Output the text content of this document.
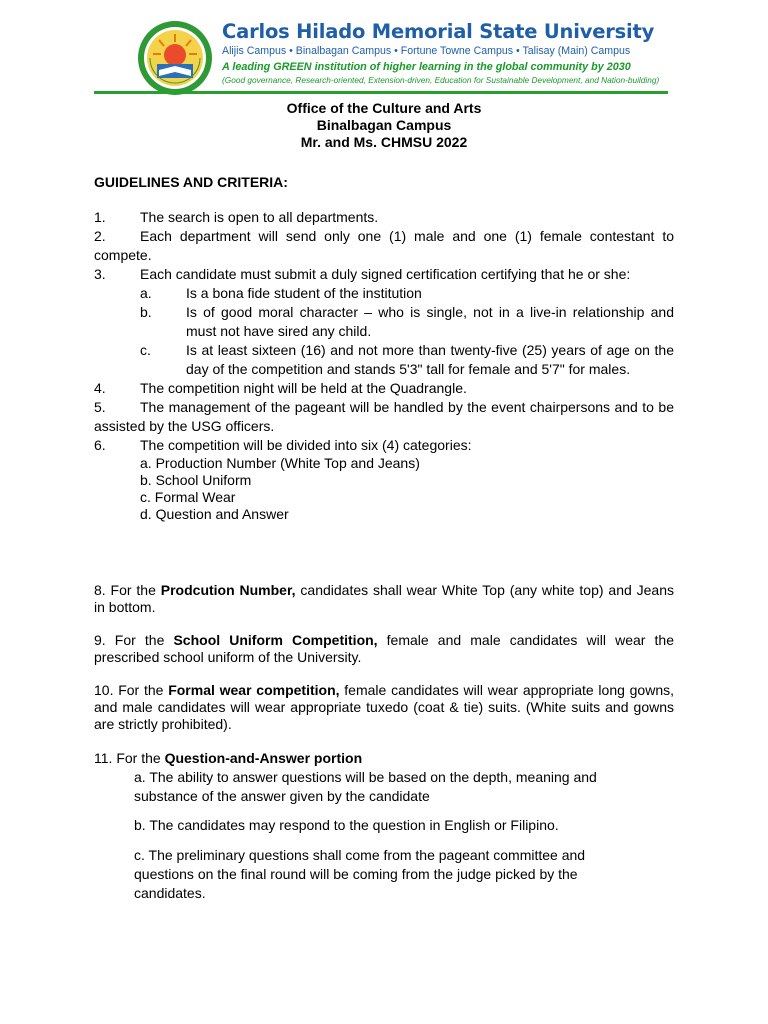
Carlos Hilado Memorial State University
Alijis Campus • Binalbagan Campus • Fortune Towne Campus • Talisay (Main) Campus
A leading GREEN institution of higher learning in the global community by 2030
(Good governance, Research-oriented, Extension-driven, Education for Sustainable Development, and Nation-building)
Office of the Culture and Arts
Binalbagan Campus
Mr. and Ms. CHMSU 2022
GUIDELINES AND CRITERIA:
1.	The search is open to all departments.
2. Each department will send only one (1) male and one (1) female contestant to compete.
3. Each candidate must submit a duly signed certification certifying that he or she:
a.	Is a bona fide student of the institution
b.	Is of good moral character – who is single, not in a live-in relationship and must not have sired any child.
c.	Is at least sixteen (16) and not more than twenty-five (25) years of age on the day of the competition and stands 5'3" tall for female and 5'7" for males.
4.	The competition night will be held at the Quadrangle.
5. The management of the pageant will be handled by the event chairpersons and to be assisted by the USG officers.
6.	The competition will be divided into six (4) categories:
a. Production Number (White Top and Jeans)
b. School Uniform
c. Formal Wear
d. Question and Answer
8. For the Prodcution Number, candidates shall wear White Top (any white top) and Jeans in bottom.
9. For the School Uniform Competition, female and male candidates will wear the prescribed school uniform of the University.
10. For the Formal wear competition, female candidates will wear appropriate long gowns, and male candidates will wear appropriate tuxedo (coat & tie) suits. (White suits and gowns are strictly prohibited).
11. For the Question-and-Answer portion
a. The ability to answer questions will be based on the depth, meaning and substance of the answer given by the candidate
b. The candidates may respond to the question in English or Filipino.
c. The preliminary questions shall come from the pageant committee and questions on the final round will be coming from the judge picked by the candidates.
